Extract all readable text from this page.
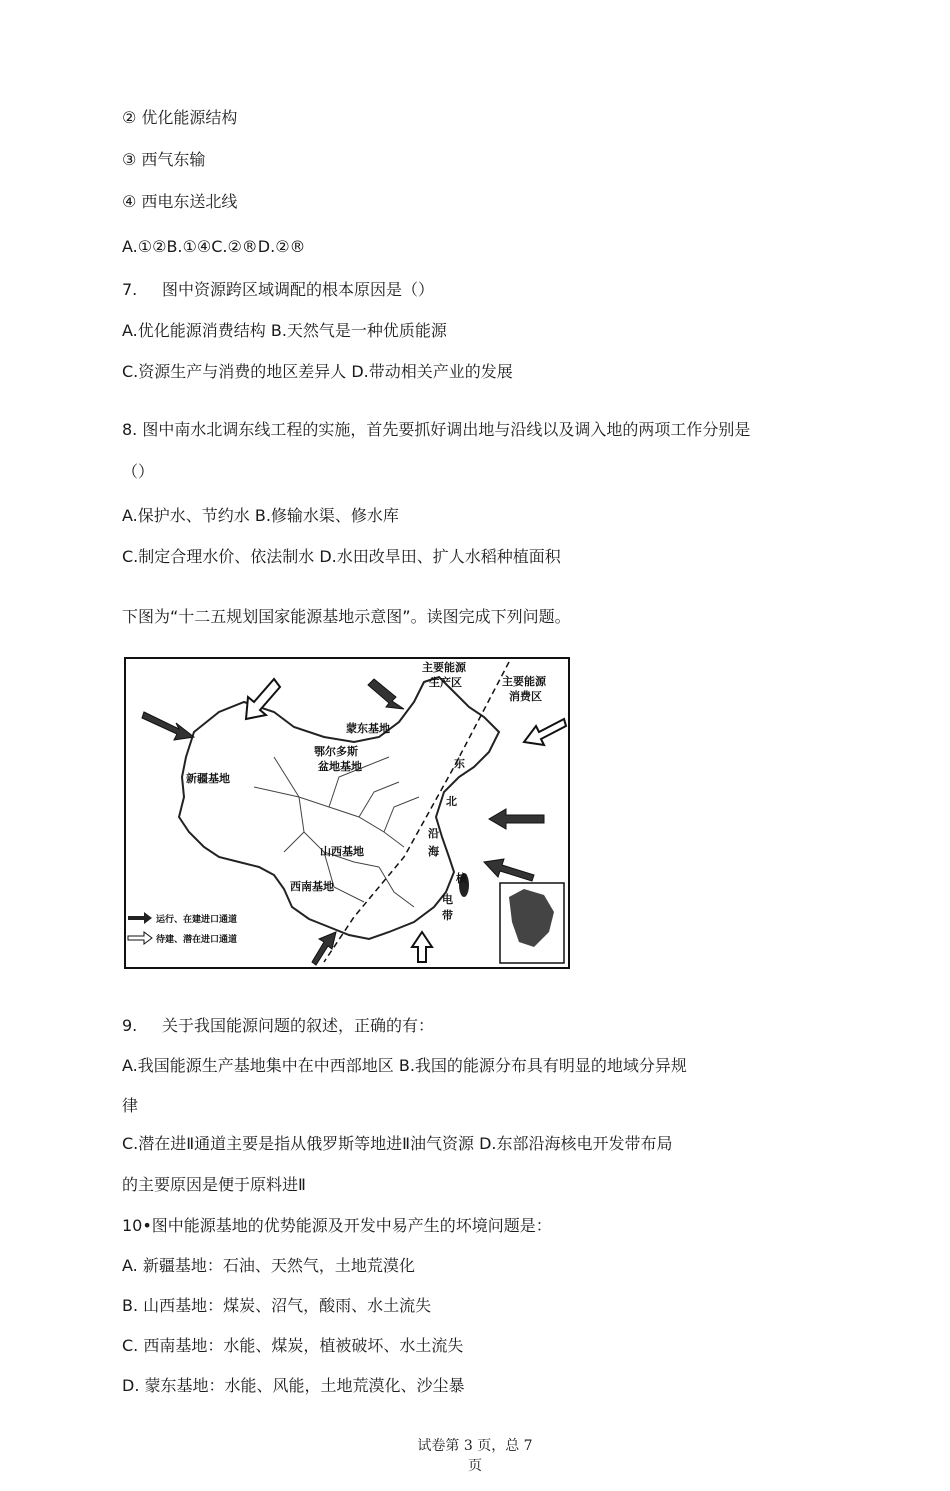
② 优化能源结构
③ 西气东输
④ 西电东送北线
A.①②B.①④C.②®D.②®
7. 图中资源跨区域调配的根本原因是（）
A.优化能源消费结构 B.天然气是一种优质能源
C.资源生产与消费的地区差异人 D.带动相关产业的发展
8. 图中南水北调东线工程的实施，首先要抓好调出地与沿线以及调入地的两项工作分别是
（）
A.保护水、节约水 B.修输水渠、修水库
C.制定合理水价、依法制水 D.水田改旱田、扩人水稻种植面积
下图为“十二五规划国家能源基地示意图”。读图完成下列问题。
主要能源
生产区	主要能源
消费区
蒙东基地
鄂尔多斯
盆地基地
新疆基地
山西基地
西南基地
东
北
沿
海
核
电
带
运行、在建进口通道
待建、潜在进口通道
9. 关于我国能源问题的叙述，正确的有：
A.我国能源生产基地集中在中西部地区 B.我国的能源分布具有明显的地域分异规
律
C.潜在进Ⅱ通道主要是指从俄罗斯等地进Ⅱ油气资源 D.东部沿海核电开发带布局
的主要原因是便于原料进Ⅱ
10•图中能源基地的优势能源及开发中易产生的坏境问题是：
A. 新疆基地：石油、天然气，土地荒漠化
B. 山西基地：煤炭、沼气，酸雨、水土流失
C. 西南基地：水能、煤炭，植被破坏、水土流失
D. 蒙东基地：水能、风能，土地荒漠化、沙尘暴
试卷第 3 页，总 7
页
